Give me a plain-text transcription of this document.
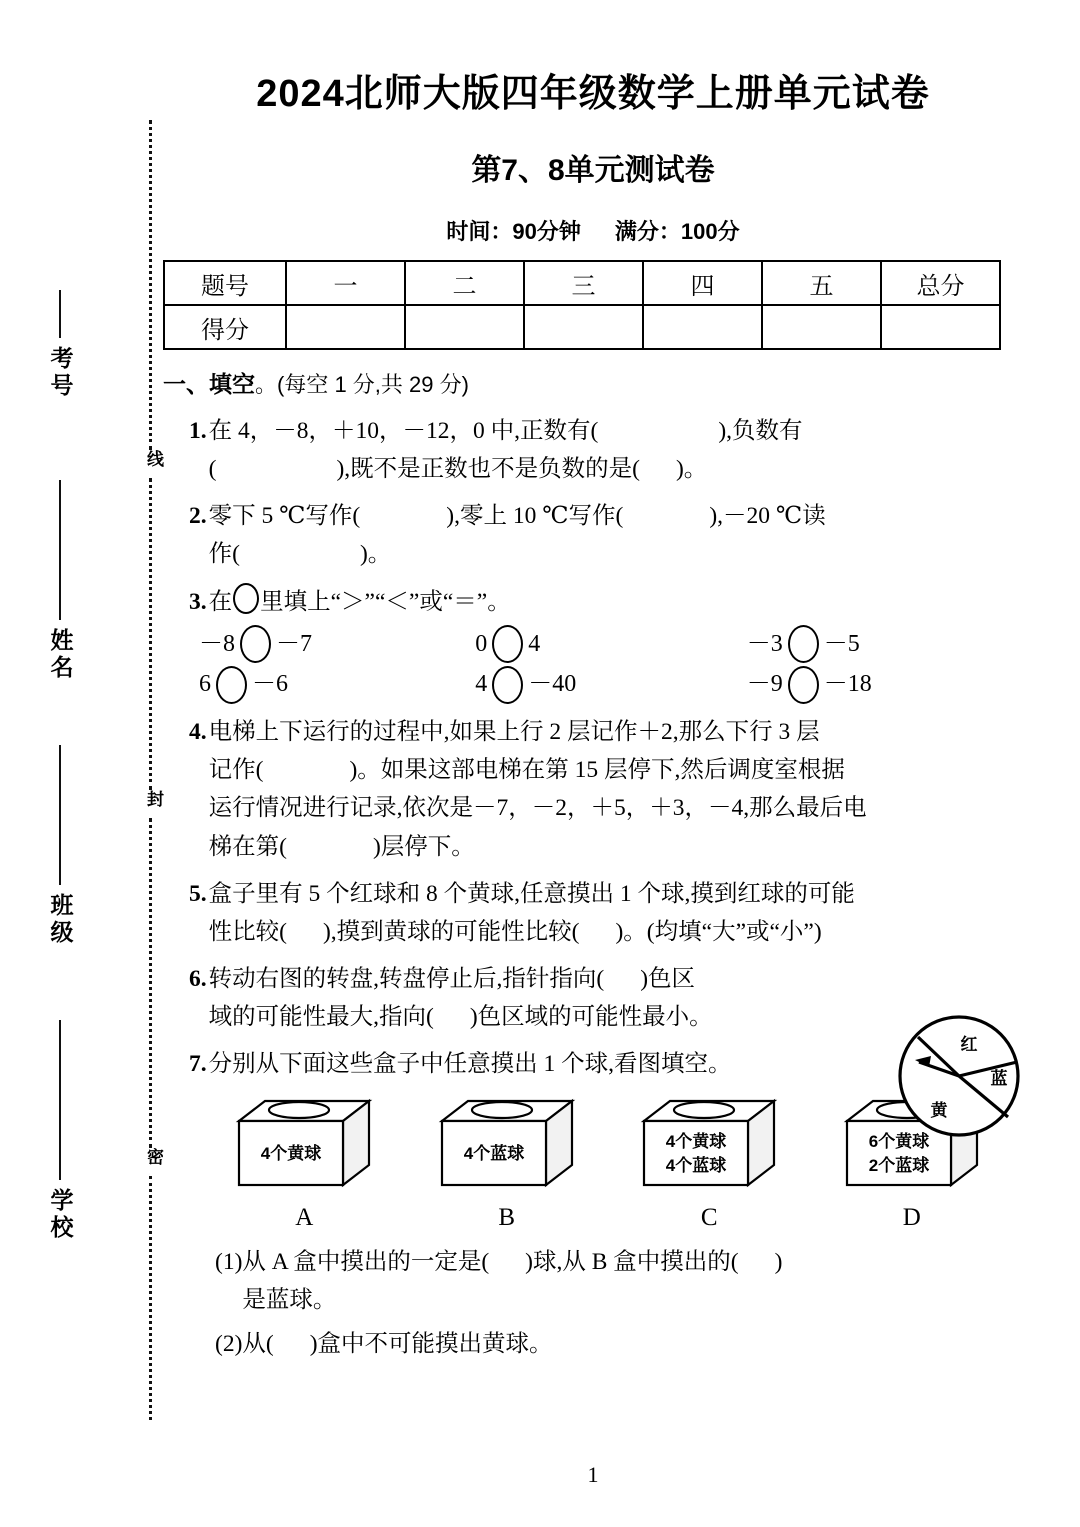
考号
姓名
班级
学校
线
封
密
2024北师大版四年级数学上册单元试卷
第7、8单元测试卷
时间：90分钟 满分：100分
题号	一	二	三	四	五	总分
得分						
一、填空。(每空 1 分,共 29 分)
1. 在 4，－8，＋10，－12，0 中,正数有(	),负数有
(	),既不是正数也不是负数的是( )。
2. 零下 5 ℃写作(	),零上 10 ℃写作(	),－20 ℃读
作(	)。
3. 在 里填上“＞”“＜”或“＝”。
－8 －7	0 4	－3 －5
6 －6	4 －40	－9 －18
4. 电梯上下运行的过程中,如果上行 2 层记作＋2,那么下行 3 层
记作(	)。如果这部电梯在第 15 层停下,然后调度室根据
运行情况进行记录,依次是－7，－2，＋5，＋3，－4,那么最后电
梯在第(	)层停下。
5. 盒子里有 5 个红球和 8 个黄球,任意摸出 1 个球,摸到红球的可能
性比较( ),摸到黄球的可能性比较( )。(均填“大”或“小”)
6. 转动右图的转盘,转盘停止后,指针指向( )色区
域的可能性最大,指向( )色区域的可能性最小。
7. 分别从下面这些盒子中任意摸出 1 个球,看图填空。
4个黄球
A
4个蓝球
B
4个黄球
4个蓝球
C
6个黄球
2个蓝球
D
(1) 从 A 盒中摸出的一定是( )球,从 B 盒中摸出的( )
是蓝球。
(2) 从( )盒中不可能摸出黄球。
红
蓝
黄
1
